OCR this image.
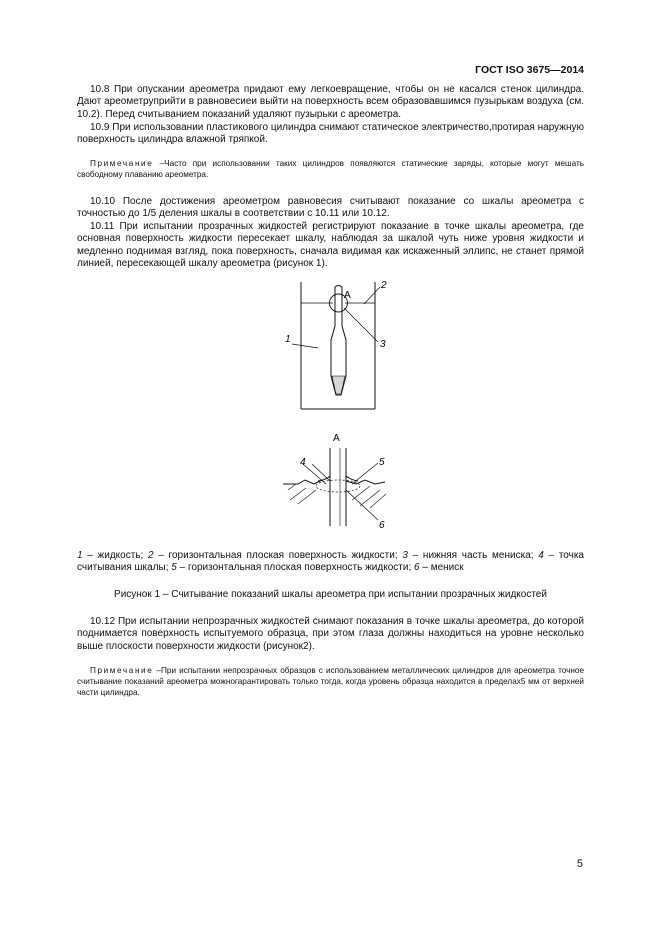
ГОСТ ISO 3675—2014

10.8 При опускании ареометра придают ему легкоевращение, чтобы он не касался стенок цилиндра. Дают ареометруприйти в равновесиеи выйти на поверхность всем образовавшимся пузырькам воздуха (см. 10.2). Перед считыванием показаний удаляют пузырьки с ареометра.

10.9 При использовании пластикового цилиндра снимают статическое электричество,протирая наружную поверхность цилиндра влажной тряпкой.

Примечание –Часто при использовании таких цилиндров появляются статические заряды, которые могут мешать свободному плаванию ареометра.

10.10 После достижения ареометром равновесия считывают показание со шкалы ареометра с точностью до 1/5 деления шкалы в соответствии с 10.11 или 10.12.

10.11 При испытании прозрачных жидкостей регистрируют показание в точке шкалы ареометра, где основная поверхность жидкости пересекает шкалу, наблюдая за шкалой чуть ниже уровня жидкости и медленно поднимая взгляд, пока поверхность, сначала видимая как искаженный эллипс, не станет прямой линией, пересекающей шкалу ареометра (рисунок 1).

A
2
3
1
A
4	5
6

1 – жидкость; 2 – горизонтальная плоская поверхность жидкости; 3 – нижняя часть мениска; 4 – точка считывания шкалы; 5 – горизонтальная плоская поверхность жидкости; 6 – мениск

Рисунок 1 – Считывание показаний шкалы ареометра при испытании прозрачных жидкостей

10.12 При испытании непрозрачных жидкостей снимают показания в точке шкалы ареометра, до которой поднимается поверхность испытуемого образца, при этом глаза должны находиться на уровне несколько выше плоскости поверхности жидкости (рисунок2).

Примечание –При испытании непрозрачных образцов с использованием металлических цилиндров для ареометра точное считывание показаний ареометра можногарантировать только тогда, когда уровень образца находится в пределах5 мм от верхней части цилиндра.

5
